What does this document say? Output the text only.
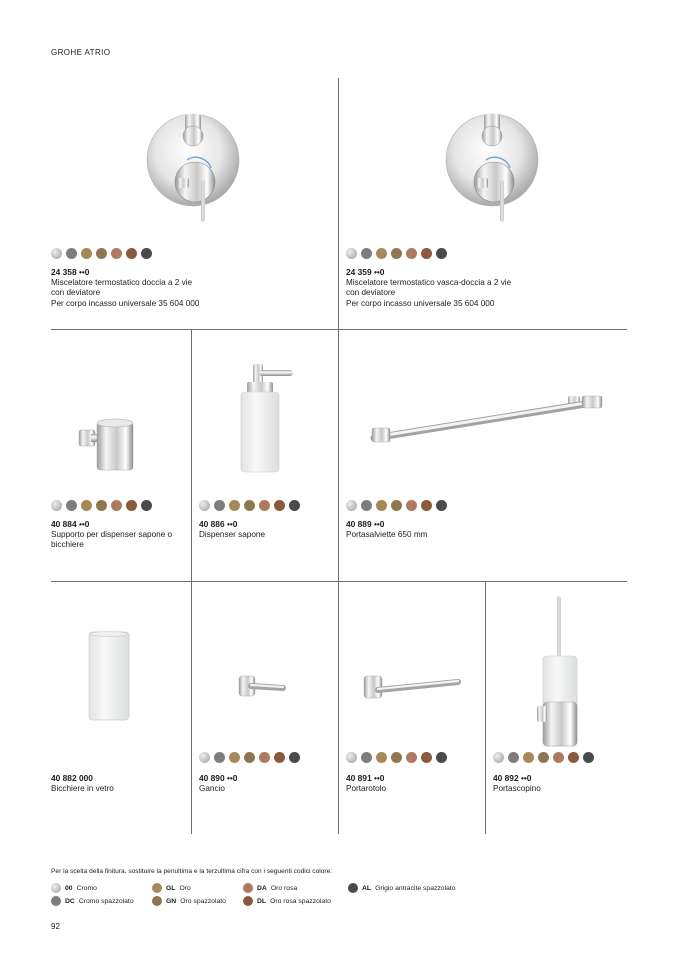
GROHE ATRIO
24 358 ••0
Miscelatore termostatico doccia a 2 vie
con deviatore
Per corpo incasso universale 35 604 000
24 359 ••0
Miscelatore termostatico vasca-doccia a 2 vie
con deviatore
Per corpo incasso universale 35 604 000
40 884 ••0
Supporto per dispenser sapone o
bicchiere
40 886 ••0
Dispenser sapone
40 889 ••0
Portasalviette 650 mm
40 882 000
Bicchiere in vetro
40 890 ••0
Gancio
40 891 ••0
Portarotolo
40 892 ••0
Portascopino
Per la scelta della finitura, sostituire la penultima e la terzultima cifra con i seguenti codici colore:
00 Cromo	GL Oro	DA Oro rosa	AL Grigio antracite spazzolato
DC Cromo spazzolato	GN Oro spazzolato	DL Oro rosa spazzolato
92
